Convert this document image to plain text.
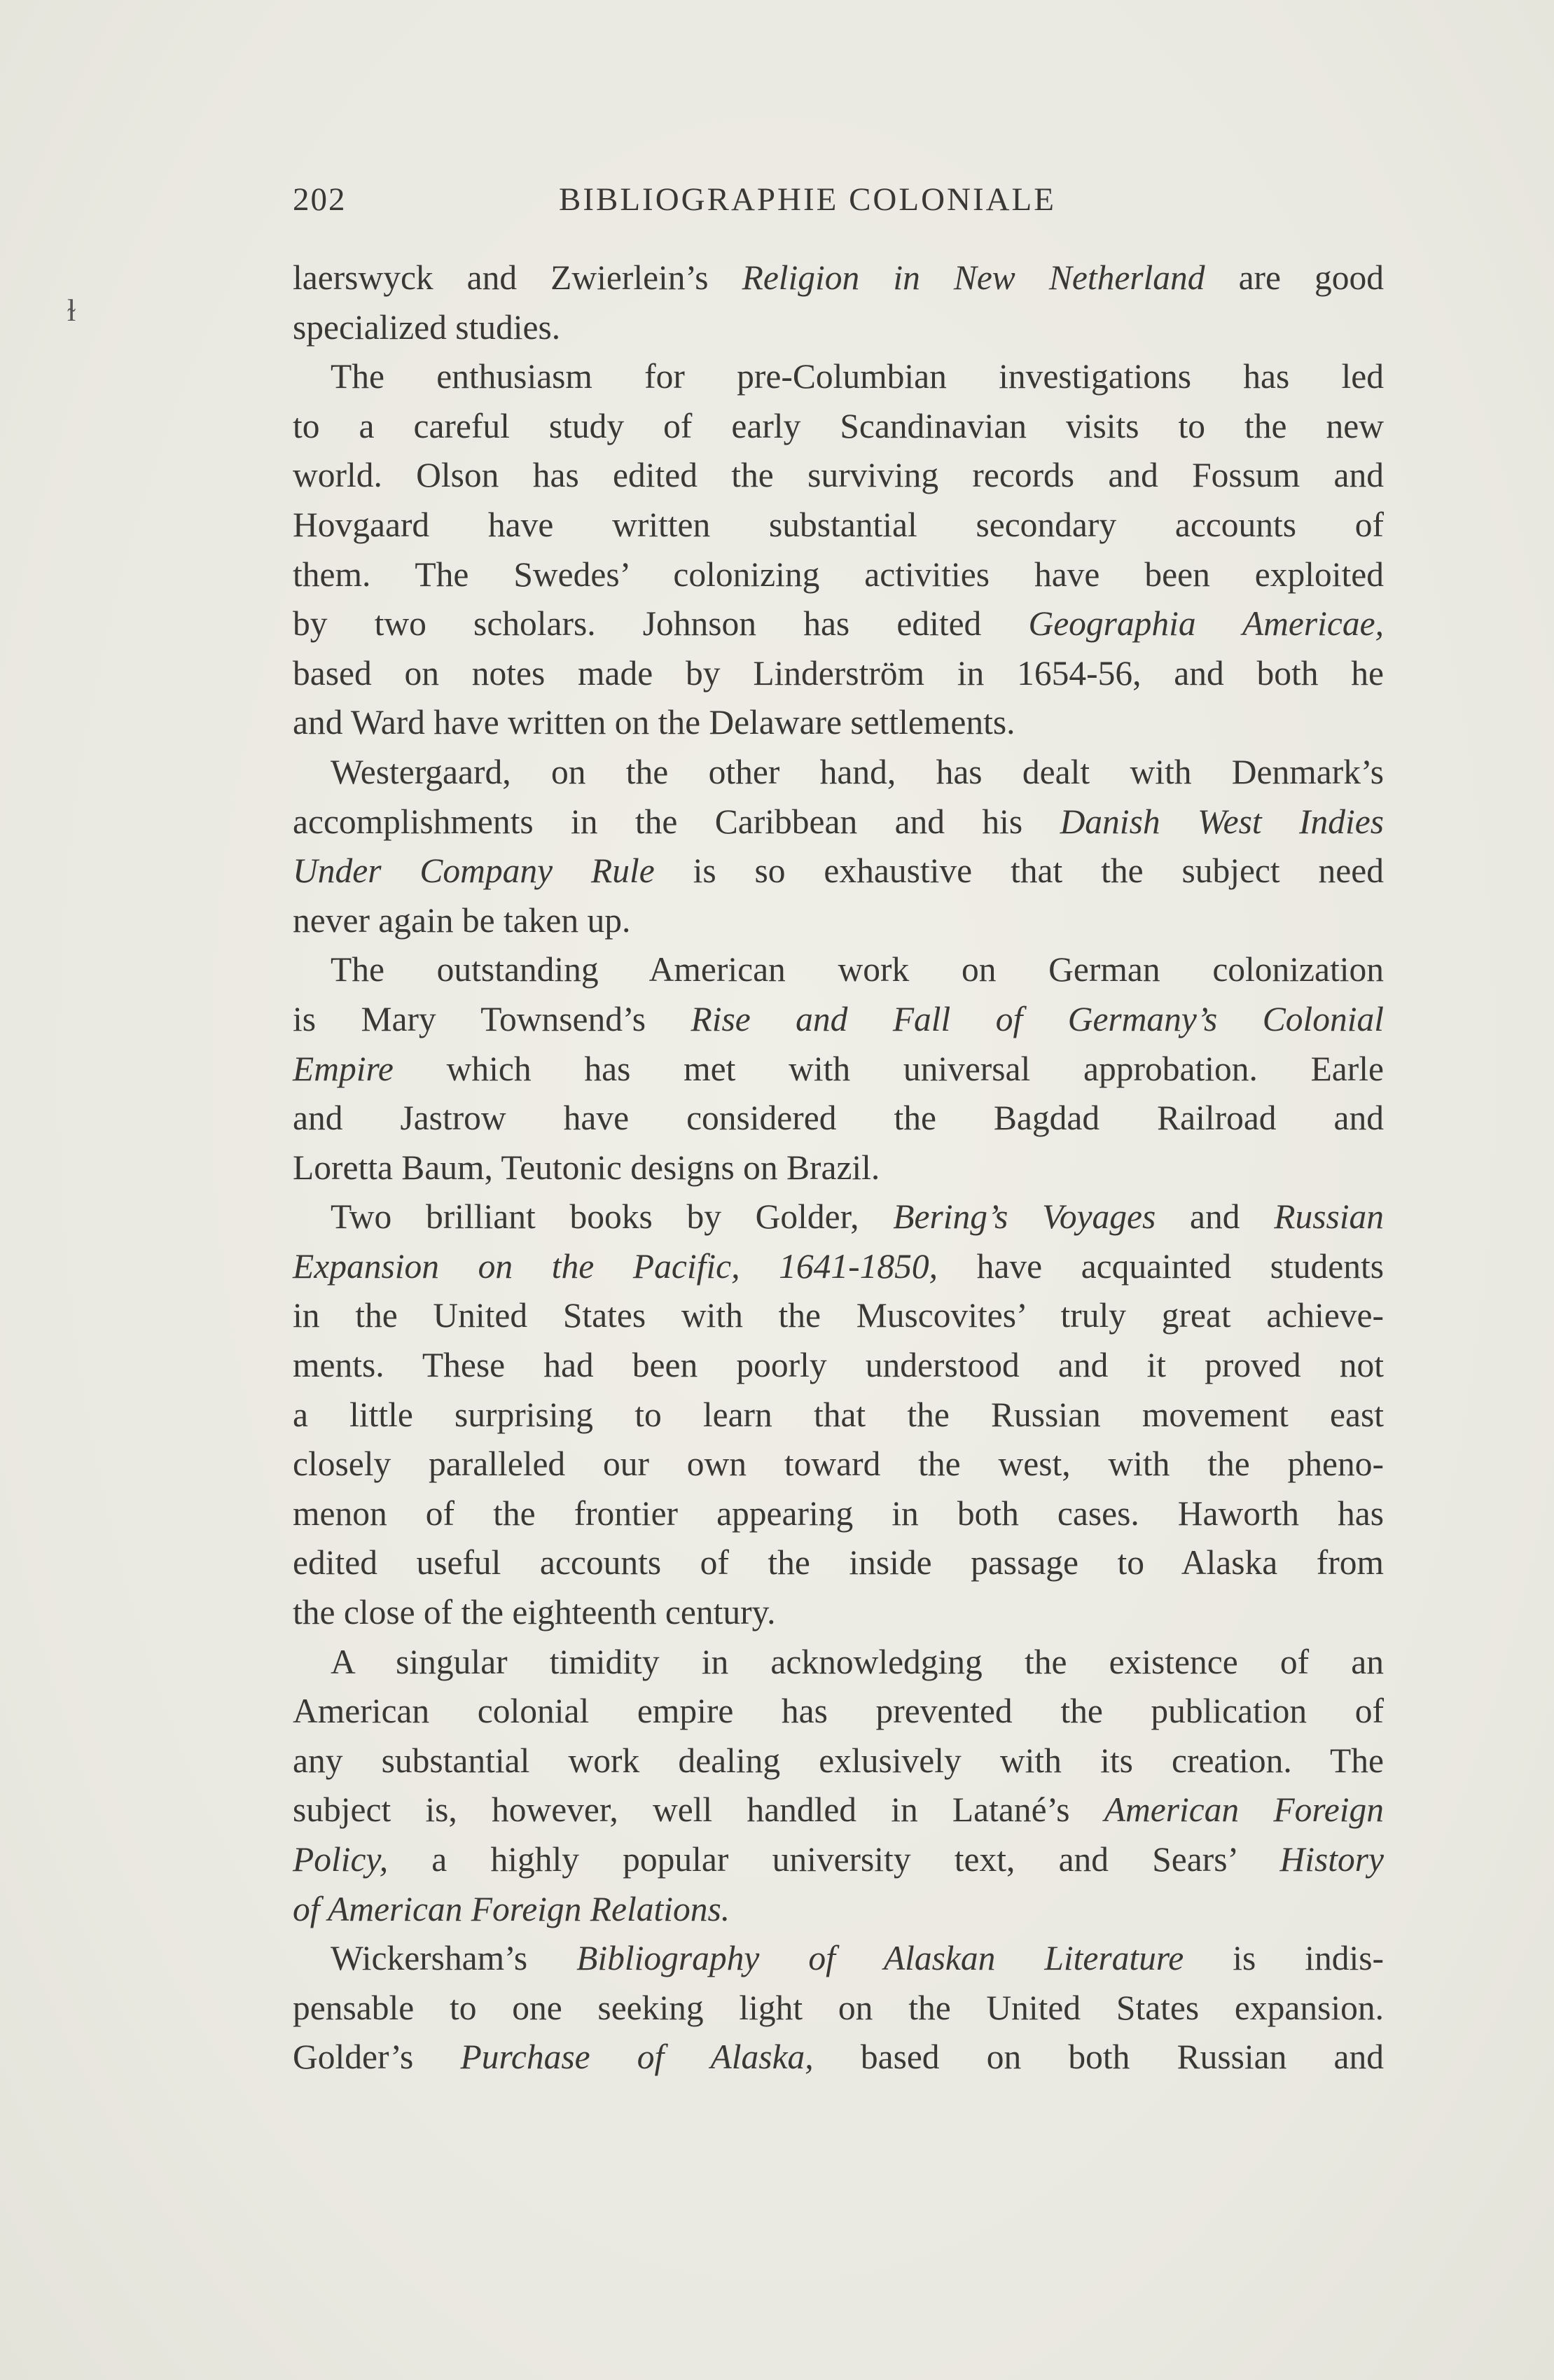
ɫ
202	BIBLIOGRAPHIE COLONIALE

laerswyck and Zwierlein’s Religion in New Netherland are good
specialized studies.

The enthusiasm for pre-Columbian investigations has led
to a careful study of early Scandinavian visits to the new
world. Olson has edited the surviving records and Fossum and
Hovgaard have written substantial secondary accounts of
them. The Swedes’ colonizing activities have been exploited
by two scholars. Johnson has edited Geographia Americae,
based on notes made by Linderström in 1654-56, and both he
and Ward have written on the Delaware settlements.

Westergaard, on the other hand, has dealt with Denmark’s
accomplishments in the Caribbean and his Danish West Indies
Under Company Rule is so exhaustive that the subject need
never again be taken up.

The outstanding American work on German colonization
is Mary Townsend’s Rise and Fall of Germany’s Colonial
Empire which has met with universal approbation. Earle
and Jastrow have considered the Bagdad Railroad and
Loretta Baum, Teutonic designs on Brazil.

Two brilliant books by Golder, Bering’s Voyages and Russian
Expansion on the Pacific, 1641-1850, have acquainted students
in the United States with the Muscovites’ truly great achieve-
ments. These had been poorly understood and it proved not
a little surprising to learn that the Russian movement east
closely paralleled our own toward the west, with the pheno-
menon of the frontier appearing in both cases. Haworth has
edited useful accounts of the inside passage to Alaska from
the close of the eighteenth century.

A singular timidity in acknowledging the existence of an
American colonial empire has prevented the publication of
any substantial work dealing exlusively with its creation. The
subject is, however, well handled in Latané’s American Foreign
Policy, a highly popular university text, and Sears’ History
of American Foreign Relations.

Wickersham’s Bibliography of Alaskan Literature is indis-
pensable to one seeking light on the United States expansion.
Golder’s Purchase of Alaska, based on both Russian and
